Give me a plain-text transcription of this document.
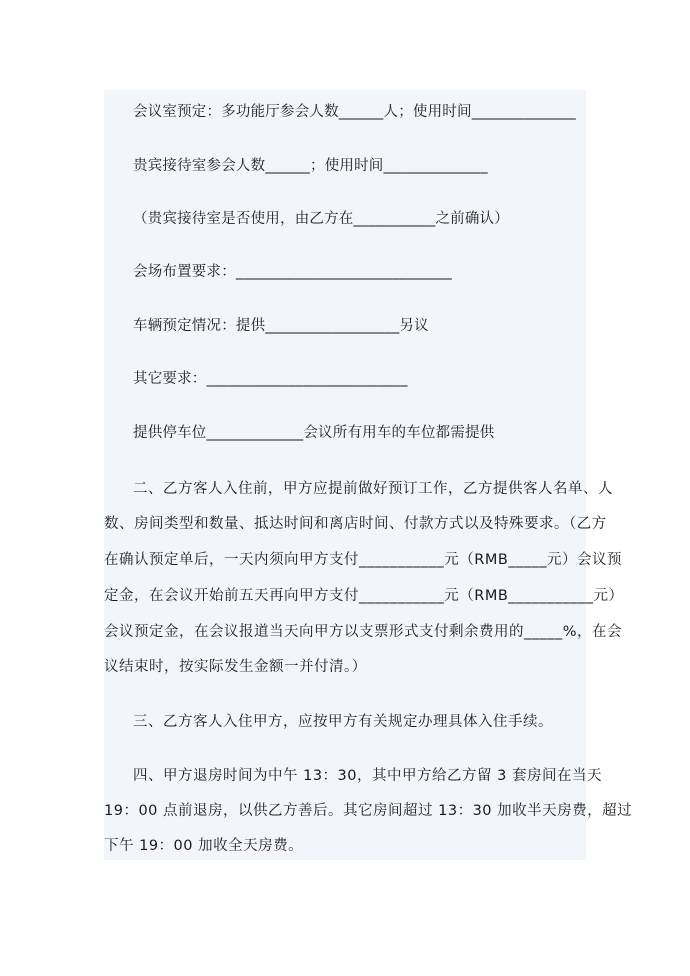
会议室预定：多功能厅参会人数______人；使用时间______________
贵宾接待室参会人数______；使用时间______________
（贵宾接待室是否使用，由乙方在___________之前确认）
会场布置要求：_____________________________
车辆预定情况：提供__________________另议
其它要求：___________________________
提供停车位_____________会议所有用车的车位都需提供
二、乙方客人入住前，甲方应提前做好预订工作，乙方提供客人名单、人
数、房间类型和数量、抵达时间和离店时间、付款方式以及特殊要求。（乙方
在确认预定单后，一天内须向甲方支付___________元（RMB_____元）会议预
定金，在会议开始前五天再向甲方支付___________元（RMB___________元）
会议预定金，在会议报道当天向甲方以支票形式支付剩余费用的_____%，在会
议结束时，按实际发生金额一并付清。）
三、乙方客人入住甲方，应按甲方有关规定办理具体入住手续。
四、甲方退房时间为中午 13：30，其中甲方给乙方留 3 套房间在当天
19：00 点前退房，以供乙方善后。其它房间超过 13：30 加收半天房费，超过
下午 19：00 加收全天房费。
